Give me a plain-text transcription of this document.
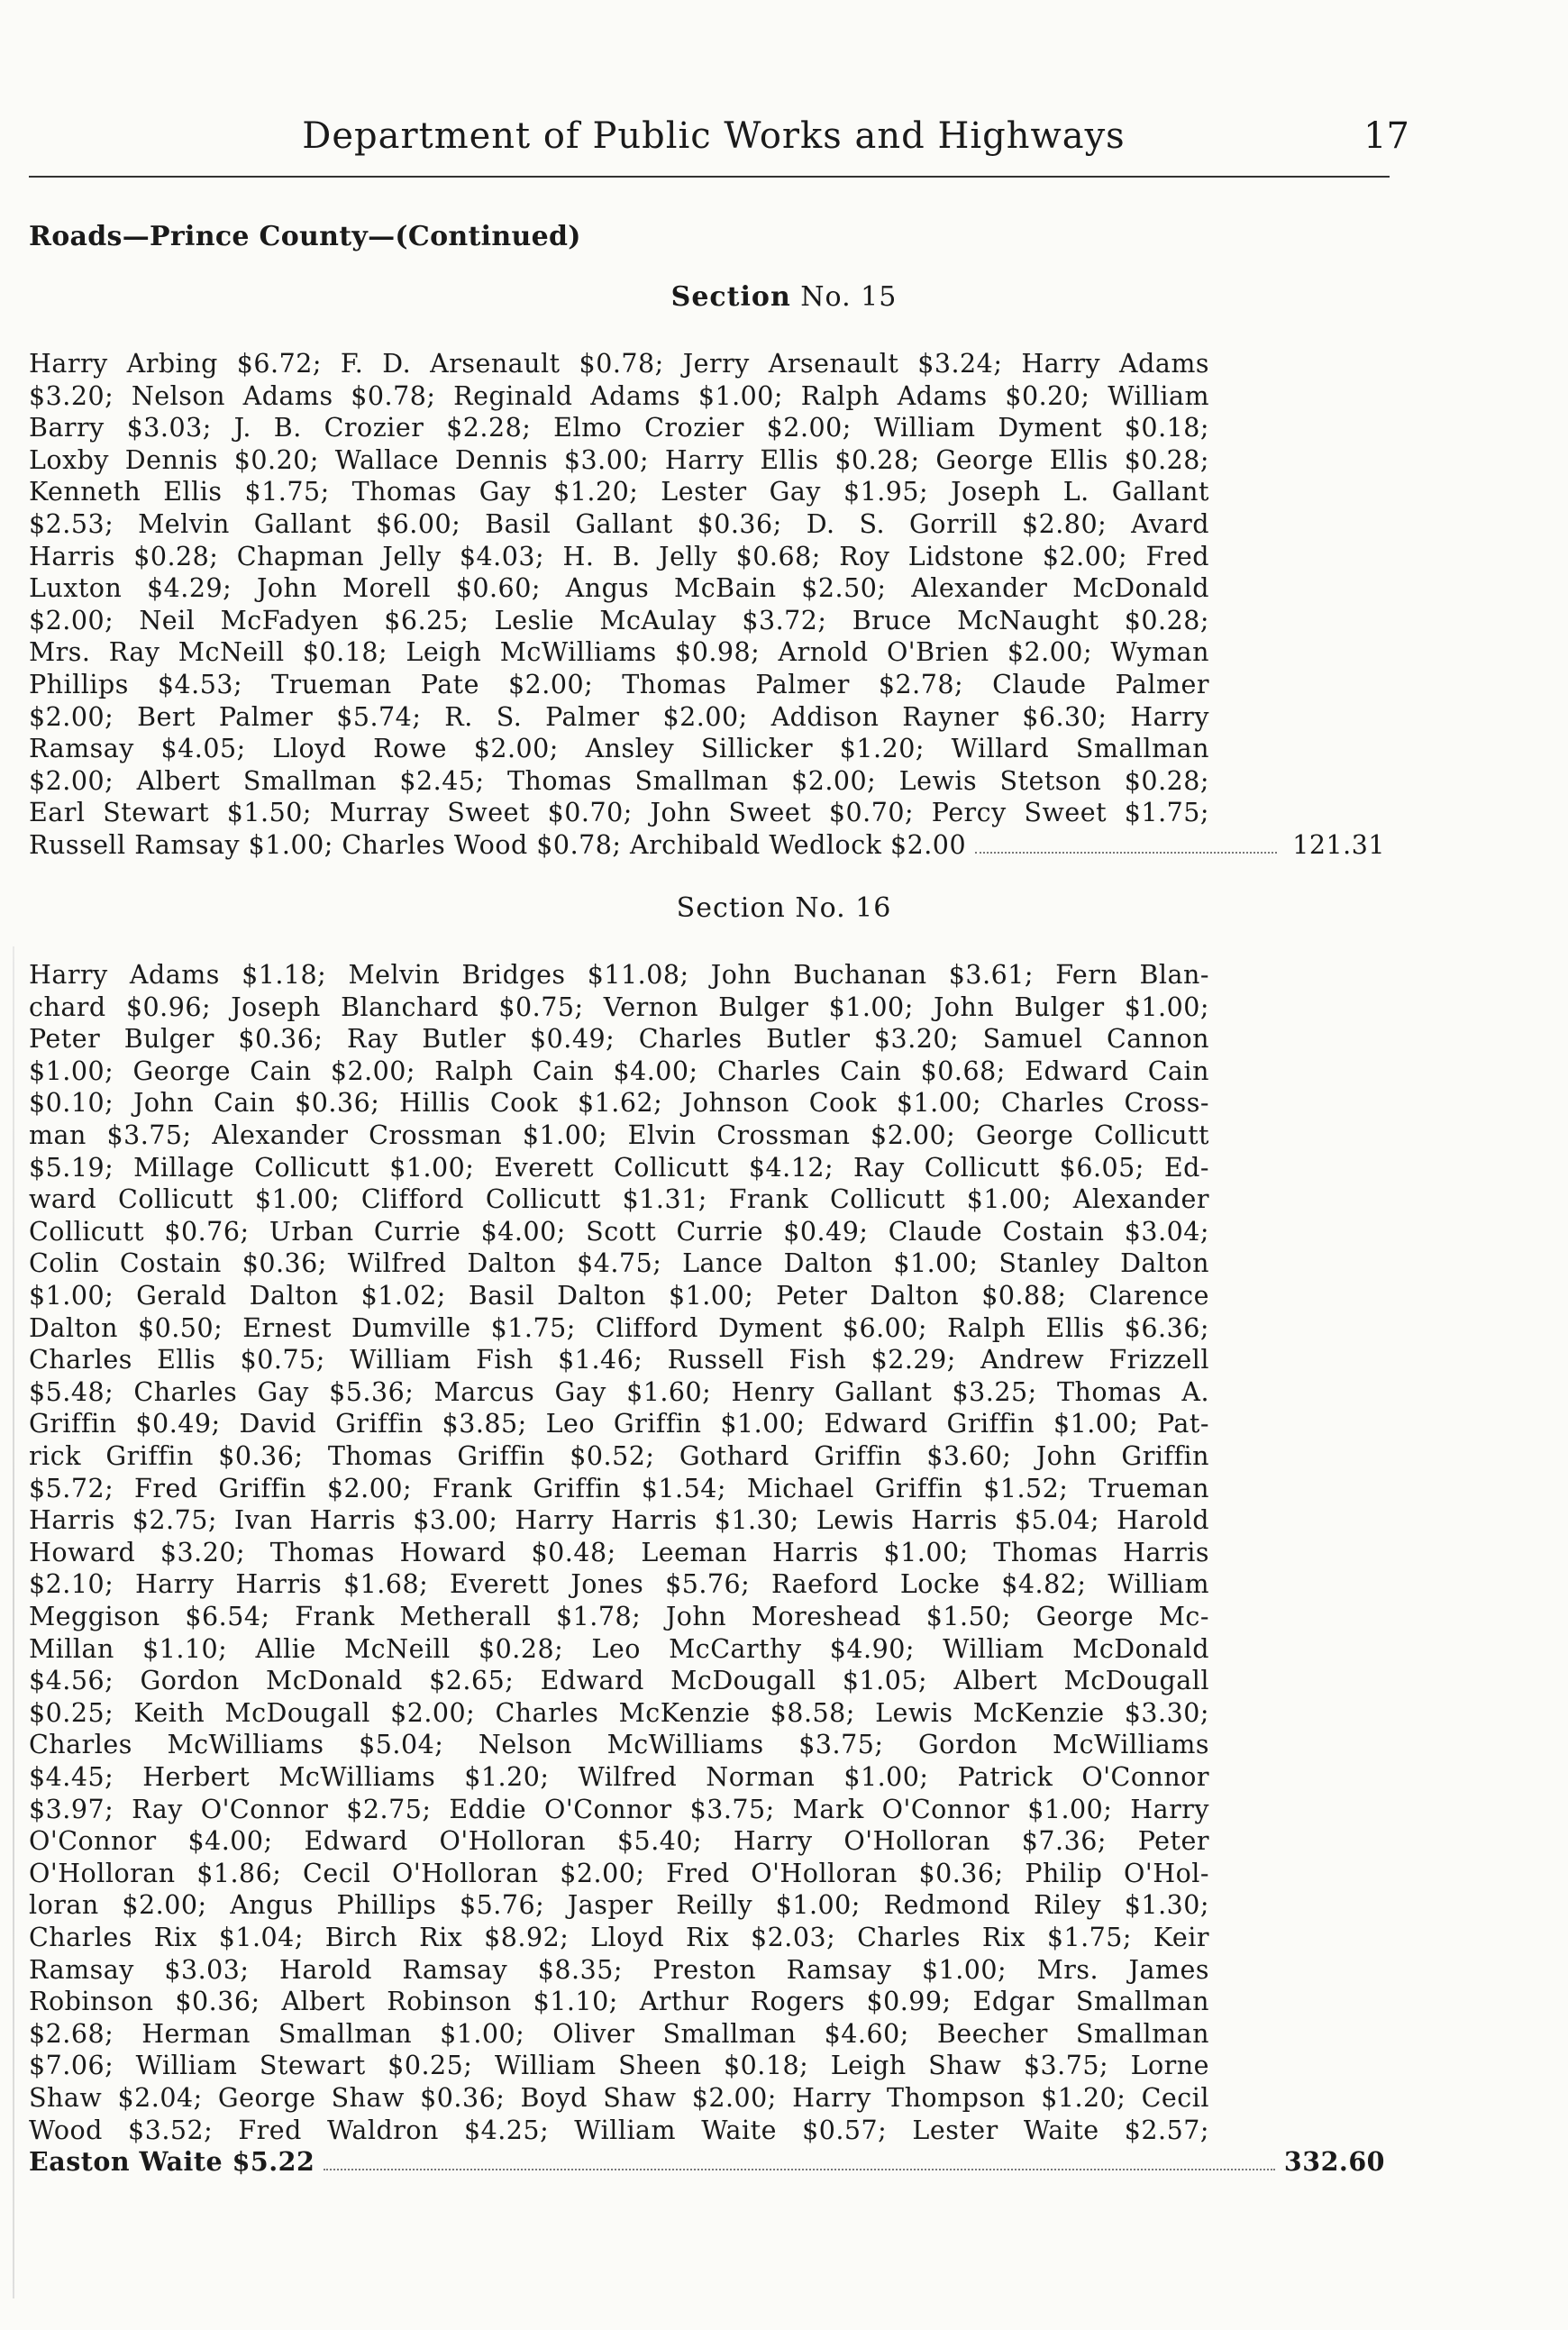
Department of Public Works and Highways	17
Roads—Prince County—(Continued)
Section No. 15

Harry Arbing $6.72; F. D. Arsenault $0.78; Jerry Arsenault $3.24; Harry Adams

$3.20; Nelson Adams $0.78; Reginald Adams $1.00; Ralph Adams $0.20; William

Barry $3.03; J. B. Crozier $2.28; Elmo Crozier $2.00; William Dyment $0.18;

Loxby Dennis $0.20; Wallace Dennis $3.00; Harry Ellis $0.28; George Ellis $0.28;

Kenneth Ellis $1.75; Thomas Gay $1.20; Lester Gay $1.95; Joseph L. Gallant

$2.53; Melvin Gallant $6.00; Basil Gallant $0.36; D. S. Gorrill $2.80; Avard

Harris $0.28; Chapman Jelly $4.03; H. B. Jelly $0.68; Roy Lidstone $2.00; Fred

Luxton $4.29; John Morell $0.60; Angus McBain $2.50; Alexander McDonald

$2.00; Neil McFadyen $6.25; Leslie McAulay $3.72; Bruce McNaught $0.28;

Mrs. Ray McNeill $0.18; Leigh McWilliams $0.98; Arnold O'Brien $2.00; Wyman

Phillips $4.53; Trueman Pate $2.00; Thomas Palmer $2.78; Claude Palmer

$2.00; Bert Palmer $5.74; R. S. Palmer $2.00; Addison Rayner $6.30; Harry

Ramsay $4.05; Lloyd Rowe $2.00; Ansley Sillicker $1.20; Willard Smallman

$2.00; Albert Smallman $2.45; Thomas Smallman $2.00; Lewis Stetson $0.28;

Earl Stewart $1.50; Murray Sweet $0.70; John Sweet $0.70; Percy Sweet $1.75;

Russell Ramsay $1.00; Charles Wood $0.78; Archibald Wedlock $2.00	121.31
Section No. 16

Harry Adams $1.18; Melvin Bridges $11.08; John Buchanan $3.61; Fern Blan-

chard $0.96; Joseph Blanchard $0.75; Vernon Bulger $1.00; John Bulger $1.00;

Peter Bulger $0.36; Ray Butler $0.49; Charles Butler $3.20; Samuel Cannon

$1.00; George Cain $2.00; Ralph Cain $4.00; Charles Cain $0.68; Edward Cain

$0.10; John Cain $0.36; Hillis Cook $1.62; Johnson Cook $1.00; Charles Cross-

man $3.75; Alexander Crossman $1.00; Elvin Crossman $2.00; George Collicutt

$5.19; Millage Collicutt $1.00; Everett Collicutt $4.12; Ray Collicutt $6.05; Ed-

ward Collicutt $1.00; Clifford Collicutt $1.31; Frank Collicutt $1.00; Alexander

Collicutt $0.76; Urban Currie $4.00; Scott Currie $0.49; Claude Costain $3.04;

Colin Costain $0.36; Wilfred Dalton $4.75; Lance Dalton $1.00; Stanley Dalton

$1.00; Gerald Dalton $1.02; Basil Dalton $1.00; Peter Dalton $0.88; Clarence

Dalton $0.50; Ernest Dumville $1.75; Clifford Dyment $6.00; Ralph Ellis $6.36;

Charles Ellis $0.75; William Fish $1.46; Russell Fish $2.29; Andrew Frizzell

$5.48; Charles Gay $5.36; Marcus Gay $1.60; Henry Gallant $3.25; Thomas A.

Griffin $0.49; David Griffin $3.85; Leo Griffin $1.00; Edward Griffin $1.00; Pat-

rick Griffin $0.36; Thomas Griffin $0.52; Gothard Griffin $3.60; John Griffin

$5.72; Fred Griffin $2.00; Frank Griffin $1.54; Michael Griffin $1.52; Trueman

Harris $2.75; Ivan Harris $3.00; Harry Harris $1.30; Lewis Harris $5.04; Harold

Howard $3.20; Thomas Howard $0.48; Leeman Harris $1.00; Thomas Harris

$2.10; Harry Harris $1.68; Everett Jones $5.76; Raeford Locke $4.82; William

Meggison $6.54; Frank Metherall $1.78; John Moreshead $1.50; George Mc-

Millan $1.10; Allie McNeill $0.28; Leo McCarthy $4.90; William McDonald

$4.56; Gordon McDonald $2.65; Edward McDougall $1.05; Albert McDougall

$0.25; Keith McDougall $2.00; Charles McKenzie $8.58; Lewis McKenzie $3.30;

Charles McWilliams $5.04; Nelson McWilliams $3.75; Gordon McWilliams

$4.45; Herbert McWilliams $1.20; Wilfred Norman $1.00; Patrick O'Connor

$3.97; Ray O'Connor $2.75; Eddie O'Connor $3.75; Mark O'Connor $1.00; Harry

O'Connor $4.00; Edward O'Holloran $5.40; Harry O'Holloran $7.36; Peter

O'Holloran $1.86; Cecil O'Holloran $2.00; Fred O'Holloran $0.36; Philip O'Hol-

loran $2.00; Angus Phillips $5.76; Jasper Reilly $1.00; Redmond Riley $1.30;

Charles Rix $1.04; Birch Rix $8.92; Lloyd Rix $2.03; Charles Rix $1.75; Keir

Ramsay $3.03; Harold Ramsay $8.35; Preston Ramsay $1.00; Mrs. James

Robinson $0.36; Albert Robinson $1.10; Arthur Rogers $0.99; Edgar Smallman

$2.68; Herman Smallman $1.00; Oliver Smallman $4.60; Beecher Smallman

$7.06; William Stewart $0.25; William Sheen $0.18; Leigh Shaw $3.75; Lorne

Shaw $2.04; George Shaw $0.36; Boyd Shaw $2.00; Harry Thompson $1.20; Cecil

Wood $3.52; Fred Waldron $4.25; William Waite $0.57; Lester Waite $2.57;

Easton Waite $5.22	332.60
